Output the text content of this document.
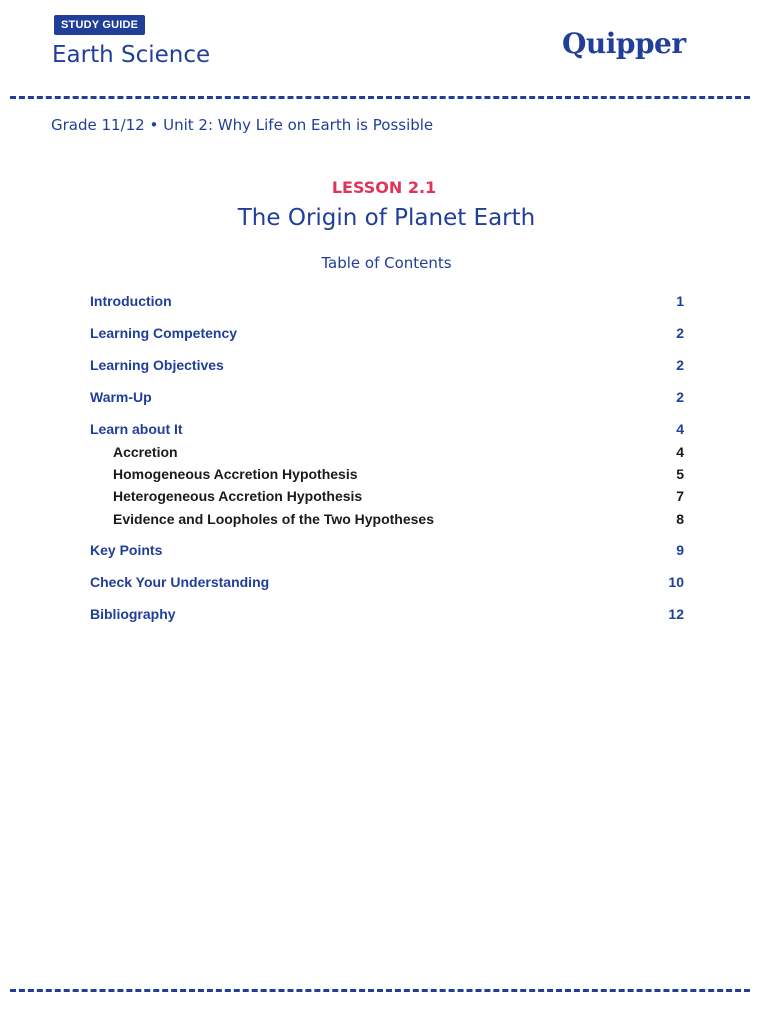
STUDY GUIDE
Earth Science	Quipper
Grade 11/12 • Unit 2: Why Life on Earth is Possible
LESSON 2.1
The Origin of Planet Earth
Table of Contents
Introduction	1
Learning Competency	2
Learning Objectives	2
Warm-Up	2
Learn about It	4
Accretion	4
Homogeneous Accretion Hypothesis	5
Heterogeneous Accretion Hypothesis	7
Evidence and Loopholes of the Two Hypotheses	8
Key Points	9
Check Your Understanding	10
Bibliography	12
